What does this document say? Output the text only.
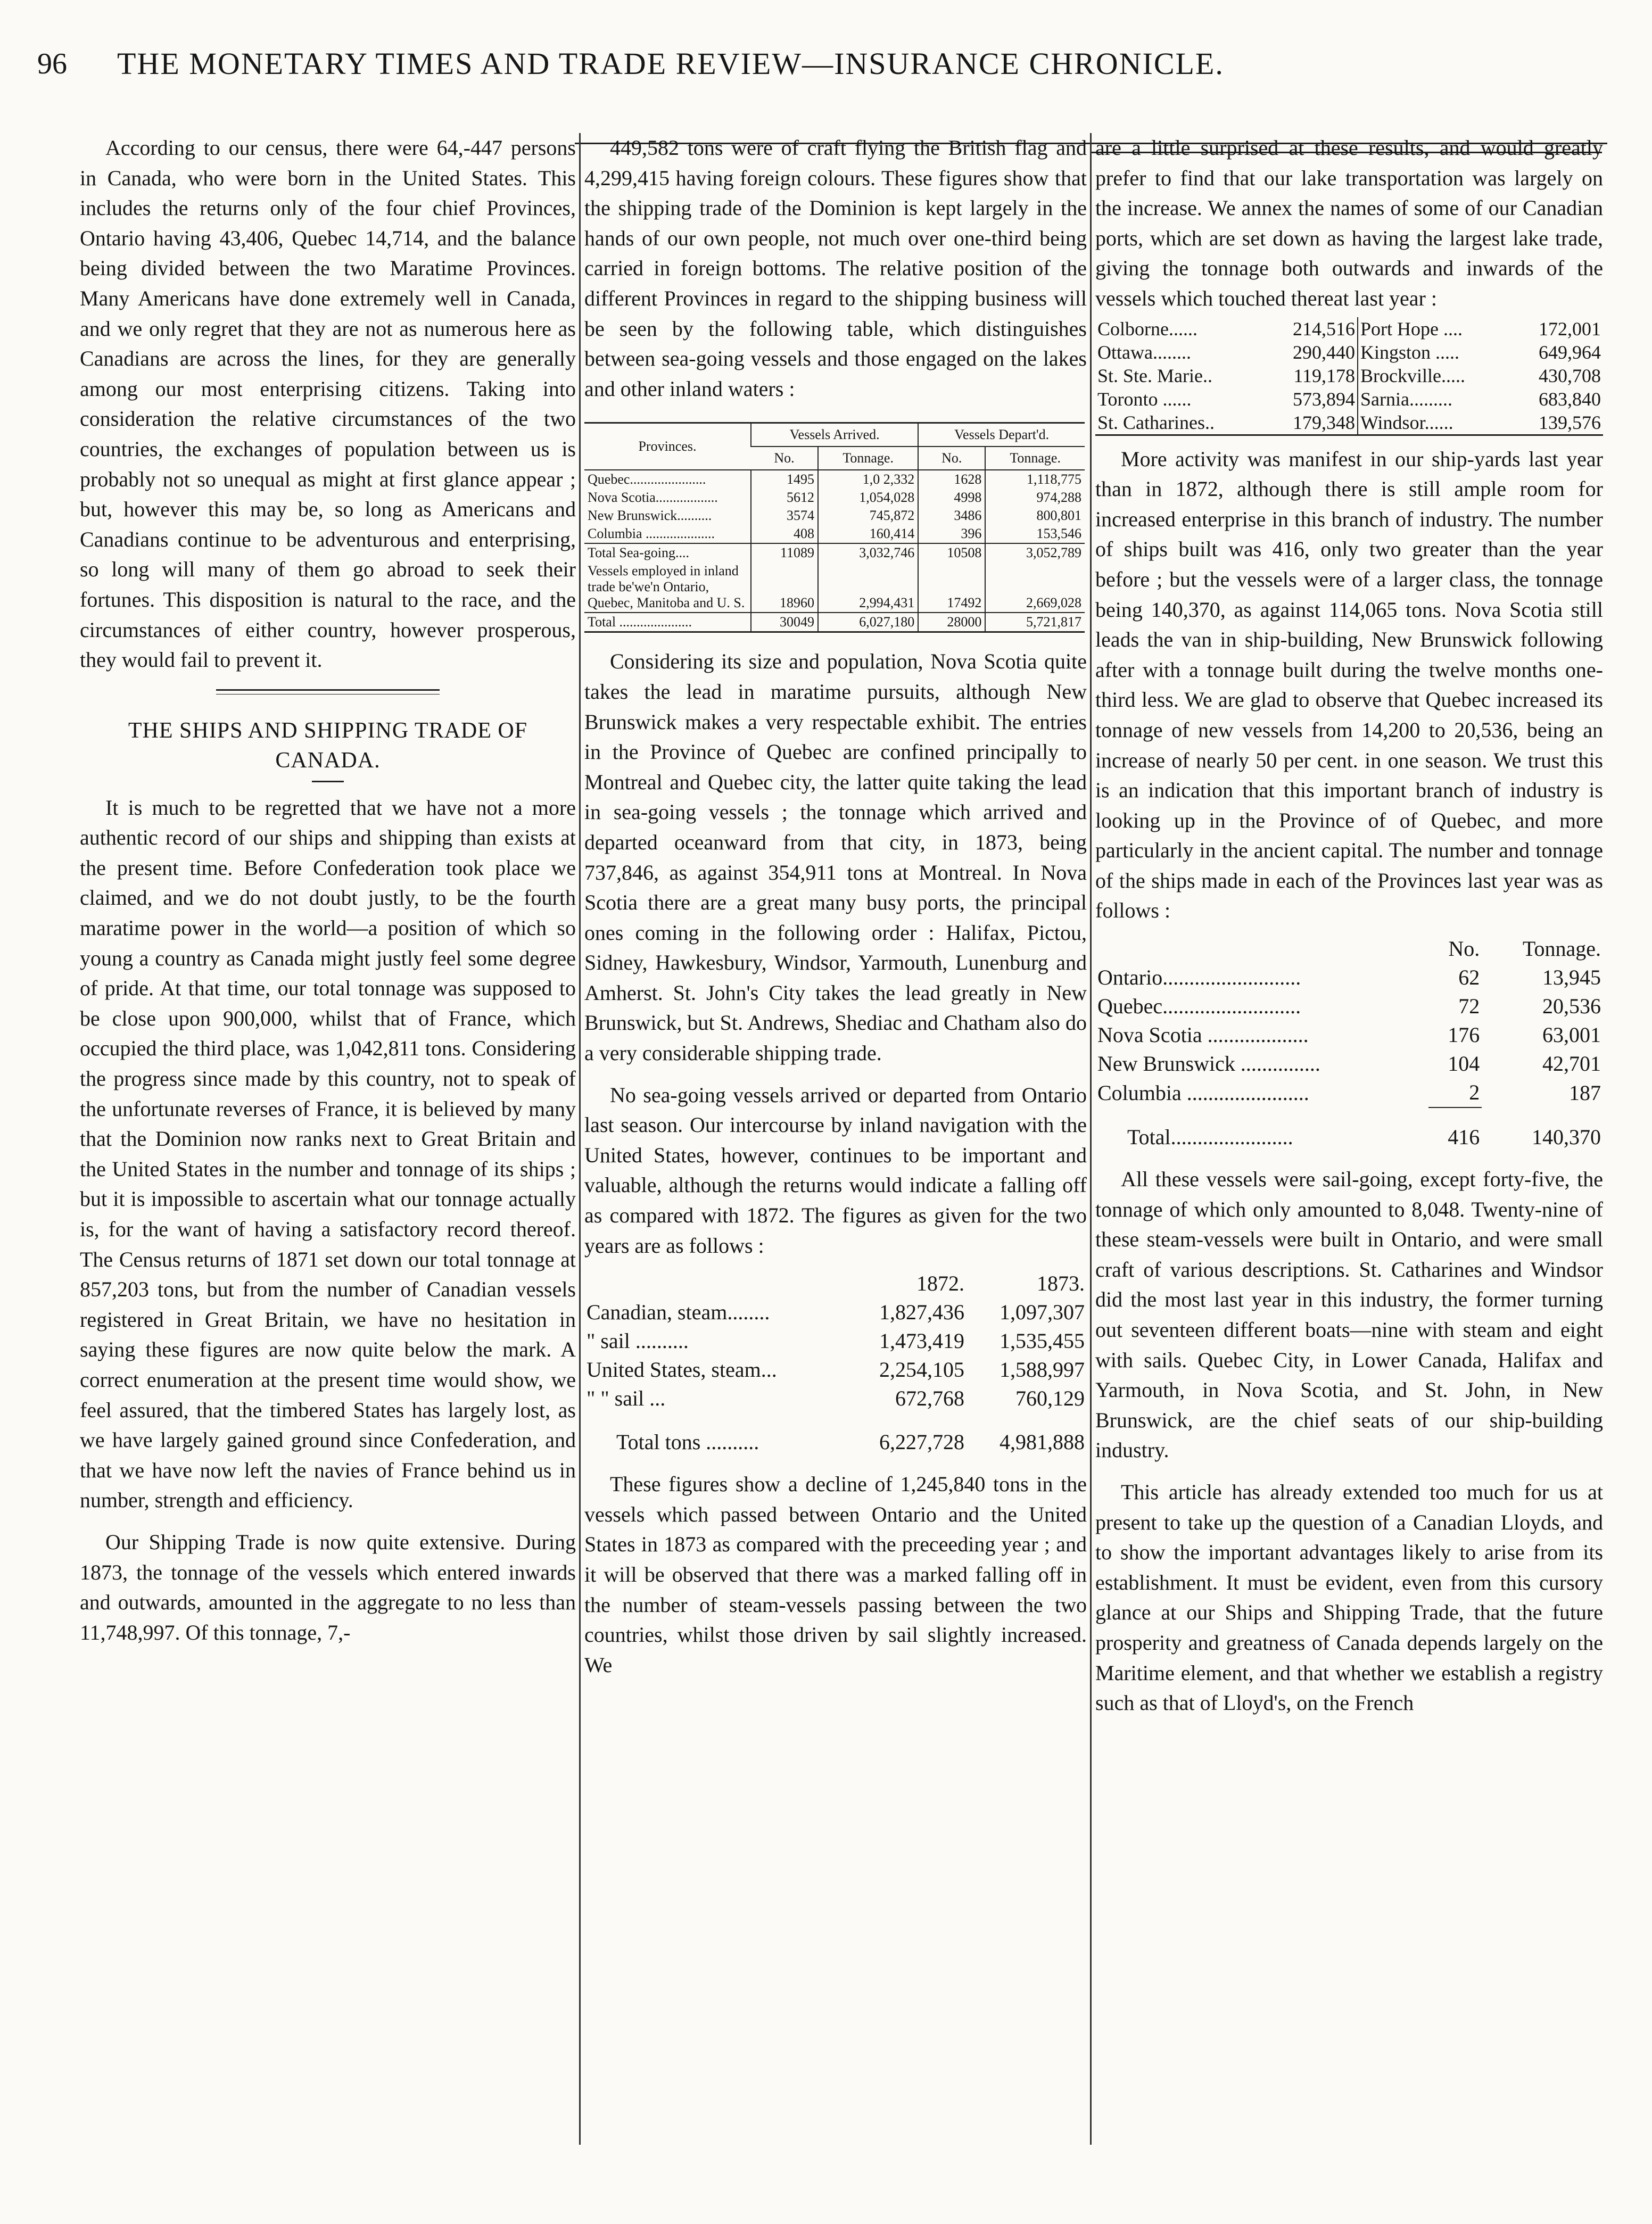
96 THE MONETARY TIMES AND TRADE REVIEW—INSURANCE CHRONICLE.

According to our census, there were 64,-447 persons in Canada, who were born in the United States. This includes the returns only of the four chief Provinces, Ontario having 43,406, Quebec 14,714, and the balance being divided between the two Maratime Provinces. Many Americans have done extremely well in Canada, and we only regret that they are not as numerous here as Canadians are across the lines, for they are generally among our most enterprising citizens. Taking into consideration the relative circumstances of the two countries, the exchanges of population between us is probably not so unequal as might at first glance appear ; but, however this may be, so long as Americans and Canadians continue to be adventurous and enterprising, so long will many of them go abroad to seek their fortunes. This disposition is natural to the race, and the circumstances of either country, however prosperous, they would fail to prevent it.

THE SHIPS AND SHIPPING TRADE OF CANADA.

It is much to be regretted that we have not a more authentic record of our ships and shipping than exists at the present time. Before Confederation took place we claimed, and we do not doubt justly, to be the fourth maratime power in the world—a position of which so young a country as Canada might justly feel some degree of pride. At that time, our total tonnage was supposed to be close upon 900,000, whilst that of France, which occupied the third place, was 1,042,811 tons. Considering the progress since made by this country, not to speak of the unfortunate reverses of France, it is believed by many that the Dominion now ranks next to Great Britain and the United States in the number and tonnage of its ships ; but it is impossible to ascertain what our tonnage actually is, for the want of having a satisfactory record thereof. The Census returns of 1871 set down our total tonnage at 857,203 tons, but from the number of Canadian vessels registered in Great Britain, we have no hesitation in saying these figures are now quite below the mark. A correct enumeration at the present time would show, we feel assured, that the timbered States has largely lost, as we have largely gained ground since Confederation, and that we have now left the navies of France behind us in number, strength and efficiency.

Our Shipping Trade is now quite extensive. During 1873, the tonnage of the vessels which entered inwards and outwards, amounted in the aggregate to no less than 11,748,997. Of this tonnage, 7,-

449,582 tons were of craft flying the British flag and 4,299,415 having foreign colours. These figures show that the shipping trade of the Dominion is kept largely in the hands of our own people, not much over one-third being carried in foreign bottoms. The relative position of the different Provinces in regard to the shipping business will be seen by the following table, which distinguishes between sea-going vessels and those engaged on the lakes and other inland waters :

Provinces.	Vessels Arrived.		Vessels Depart'd.	
	No.	Tonnage.	No.	Tonnage.
Quebec......................	1495	1,0 2,332	1628	1,118,775
Nova Scotia..................	5612	1,054,028	4998	974,288
New Brunswick..........	3574	745,872	3486	800,801
Columbia ....................	408	160,414	396	153,546
Total Sea-going....	11089	3,032,746	10508	3,052,789
Vessels employed in inland trade be'we'n Ontario, Quebec, Manitoba and U. S.	18960	2,994,431	17492	2,669,028
Total .....................	30049	6,027,180	28000	5,721,817

Considering its size and population, Nova Scotia quite takes the lead in maratime pursuits, although New Brunswick makes a very respectable exhibit. The entries in the Province of Quebec are confined principally to Montreal and Quebec city, the latter quite taking the lead in sea-going vessels ; the tonnage which arrived and departed oceanward from that city, in 1873, being 737,846, as against 354,911 tons at Montreal. In Nova Scotia there are a great many busy ports, the principal ones coming in the following order : Halifax, Pictou, Sidney, Hawkesbury, Windsor, Yarmouth, Lunenburg and Amherst. St. John's City takes the lead greatly in New Brunswick, but St. Andrews, Shediac and Chatham also do a very considerable shipping trade.

No sea-going vessels arrived or departed from Ontario last season. Our intercourse by inland navigation with the United States, however, continues to be important and valuable, although the returns would indicate a falling off as compared with 1872. The figures as given for the two years are as follows :

	1872.	1873.
Canadian, steam........	1,827,436	1,097,307
" sail ..........	1,473,419	1,535,455
United States, steam...	2,254,105	1,588,997
" " sail ...	672,768	760,129
Total tons ..........	6,227,728	4,981,888

These figures show a decline of 1,245,840 tons in the vessels which passed between Ontario and the United States in 1873 as compared with the preceeding year ; and it will be observed that there was a marked falling off in the number of steam-vessels passing between the two countries, whilst those driven by sail slightly increased. We

are a little surprised at these results, and would greatly prefer to find that our lake transportation was largely on the increase. We annex the names of some of our Canadian ports, which are set down as having the largest lake trade, giving the tonnage both outwards and inwards of the vessels which touched thereat last year :

Colborne......	214,516	Port Hope ....	172,001
Ottawa........	290,440	Kingston .....	649,964
St. Ste. Marie..	119,178	Brockville.....	430,708
Toronto ......	573,894	Sarnia.........	683,840
St. Catharines..	179,348	Windsor......	139,576

More activity was manifest in our ship-yards last year than in 1872, although there is still ample room for increased enterprise in this branch of industry. The number of ships built was 416, only two greater than the year before ; but the vessels were of a larger class, the tonnage being 140,370, as against 114,065 tons. Nova Scotia still leads the van in ship-building, New Brunswick following after with a tonnage built during the twelve months one-third less. We are glad to observe that Quebec increased its tonnage of new vessels from 14,200 to 20,536, being an increase of nearly 50 per cent. in one season. We trust this is an indication that this important branch of industry is looking up in the Province of of Quebec, and more particularly in the ancient capital. The number and tonnage of the ships made in each of the Provinces last year was as follows :

	No.	Tonnage.
Ontario..........................	62	13,945
Quebec..........................	72	20,536
Nova Scotia ...................	176	63,001
New Brunswick ...............	104	42,701
Columbia .......................	2	187
Total.......................	416	140,370

All these vessels were sail-going, except forty-five, the tonnage of which only amounted to 8,048. Twenty-nine of these steam-vessels were built in Ontario, and were small craft of various descriptions. St. Catharines and Windsor did the most last year in this industry, the former turning out seventeen different boats—nine with steam and eight with sails. Quebec City, in Lower Canada, Halifax and Yarmouth, in Nova Scotia, and St. John, in New Brunswick, are the chief seats of our ship-building industry.

This article has already extended too much for us at present to take up the question of a Canadian Lloyds, and to show the important advantages likely to arise from its establishment. It must be evident, even from this cursory glance at our Ships and Shipping Trade, that the future prosperity and greatness of Canada depends largely on the Maritime element, and that whether we establish a registry such as that of Lloyd's, on the French
